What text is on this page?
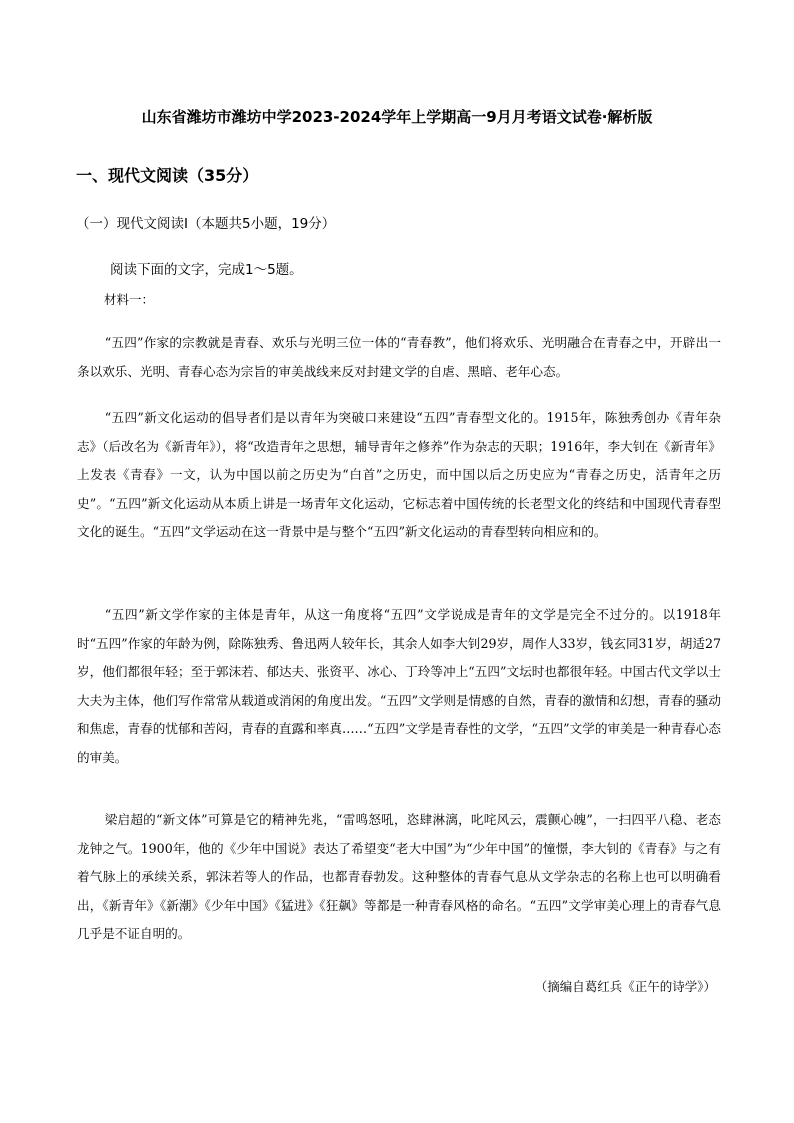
山东省潍坊市潍坊中学2023-2024学年上学期高一9月月考语文试卷·解析版
一、现代文阅读（35分）
（一）现代文阅读Ⅰ（本题共5小题，19分）
阅读下面的文字，完成1～5题。
材料一：

“五四”作家的宗教就是青春、欢乐与光明三位一体的“青春教”，他们将欢乐、光明融合在青春之中，开辟出一条以欢乐、光明、青春心态为宗旨的审美战线来反对封建文学的自虐、黑暗、老年心态。

“五四”新文化运动的倡导者们是以青年为突破口来建设“五四”青春型文化的。1915年，陈独秀创办《青年杂志》（后改名为《新青年》），将“改造青年之思想，辅导青年之修养”作为杂志的天职；1916年，李大钊在《新青年》上发表《青春》一文，认为中国以前之历史为“白首”之历史，而中国以后之历史应为“青春之历史，活青年之历史”。“五四”新文化运动从本质上讲是一场青年文化运动，它标志着中国传统的长老型文化的终结和中国现代青春型文化的诞生。“五四”文学运动在这一背景中是与整个“五四”新文化运动的青春型转向相应和的。

“五四”新文学作家的主体是青年，从这一角度将“五四”文学说成是青年的文学是完全不过分的。以1918年时“五四”作家的年龄为例，除陈独秀、鲁迅两人较年长，其余人如李大钊29岁，周作人33岁，钱玄同31岁，胡适27岁，他们都很年轻；至于郭沫若、郁达夫、张资平、冰心、丁玲等冲上“五四”文坛时也都很年轻。中国古代文学以士大夫为主体，他们写作常常从载道或消闲的角度出发。“五四”文学则是情感的自然，青春的激情和幻想，青春的骚动和焦虑，青春的忧郁和苦闷，青春的直露和率真……“五四”文学是青春性的文学，“五四”文学的审美是一种青春心态的审美。

梁启超的“新文体”可算是它的精神先兆，“雷鸣怒吼，恣肆淋漓，叱咤风云，震颤心魄”，一扫四平八稳、老态龙钟之气。1900年，他的《少年中国说》表达了希望变“老大中国”为“少年中国”的憧憬，李大钊的《青春》与之有着气脉上的承续关系，郭沫若等人的作品，也都青春勃发。这种整体的青春气息从文学杂志的名称上也可以明确看出，《新青年》《新潮》《少年中国》《猛进》《狂飙》等都是一种青春风格的命名。“五四”文学审美心理上的青春气息几乎是不证自明的。

（摘编自葛红兵《正午的诗学》）
